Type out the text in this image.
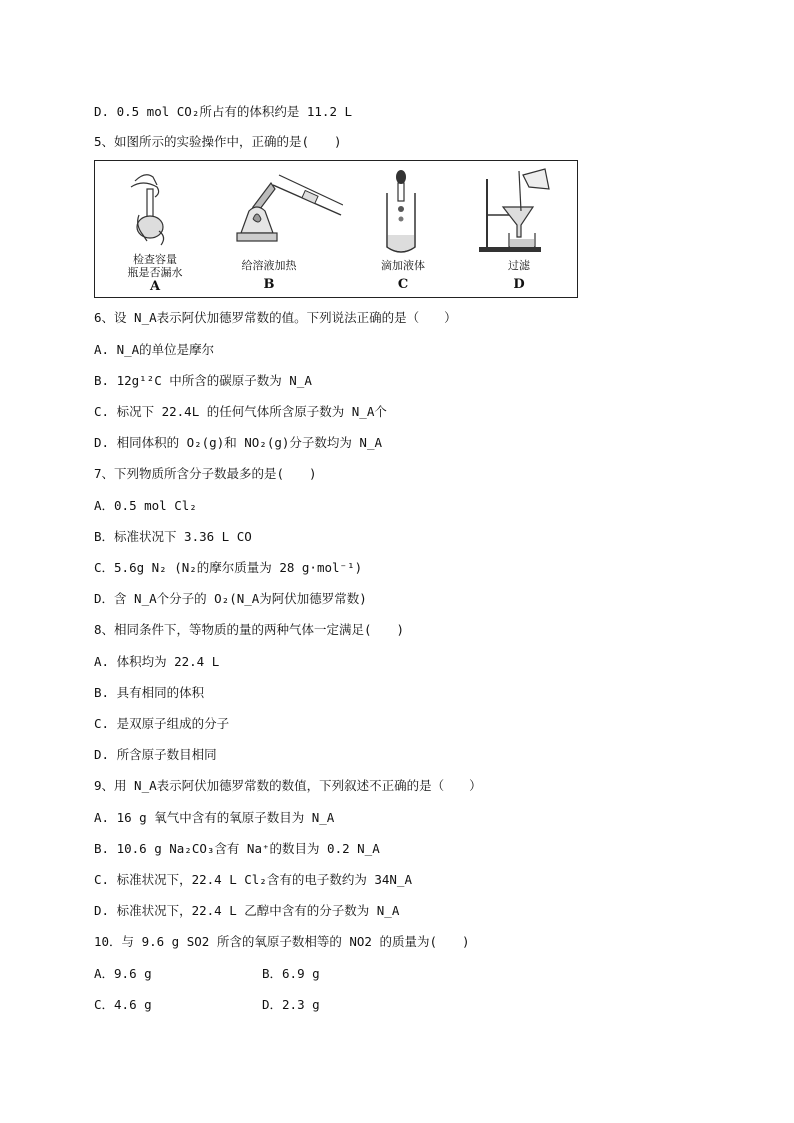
D. 0.5 mol CO₂所占有的体积约是 11.2 L
5、如图所示的实验操作中，正确的是(　　)
检查容量
瓶是否漏水
A
给溶液加热
B
滴加液体
C
过滤
D
6、设 N_A表示阿伏加德罗常数的值。下列说法正确的是（　　）
A. N_A的单位是摩尔
B. 12g¹²C 中所含的碳原子数为 N_A
C. 标况下 22.4L 的任何气体所含原子数为 N_A个
D. 相同体积的 O₂(g)和 NO₂(g)分子数均为 N_A
7、下列物质所含分子数最多的是(　　)
A．0.5 mol Cl₂
B．标准状况下 3.36 L CO
C．5.6g N₂ (N₂的摩尔质量为 28 g·mol⁻¹)
D．含 N_A个分子的 O₂(N_A为阿伏加德罗常数)
8、相同条件下，等物质的量的两种气体一定满足(　　)
A. 体积均为 22.4 L
B. 具有相同的体积
C. 是双原子组成的分子
D. 所含原子数目相同
9、用 N_A表示阿伏加德罗常数的数值，下列叙述不正确的是（　　）
A. 16 g 氧气中含有的氧原子数目为 N_A
B. 10.6 g Na₂CO₃含有 Na⁺的数目为 0.2 N_A
C. 标准状况下，22.4 L Cl₂含有的电子数约为 34N_A
D. 标准状况下，22.4 L 乙醇中含有的分子数为 N_A
10．与 9.6 g SO2 所含的氧原子数相等的 NO2 的质量为(　　)
A．9.6 g	B．6.9 g
C．4.6 g	D．2.3 g
